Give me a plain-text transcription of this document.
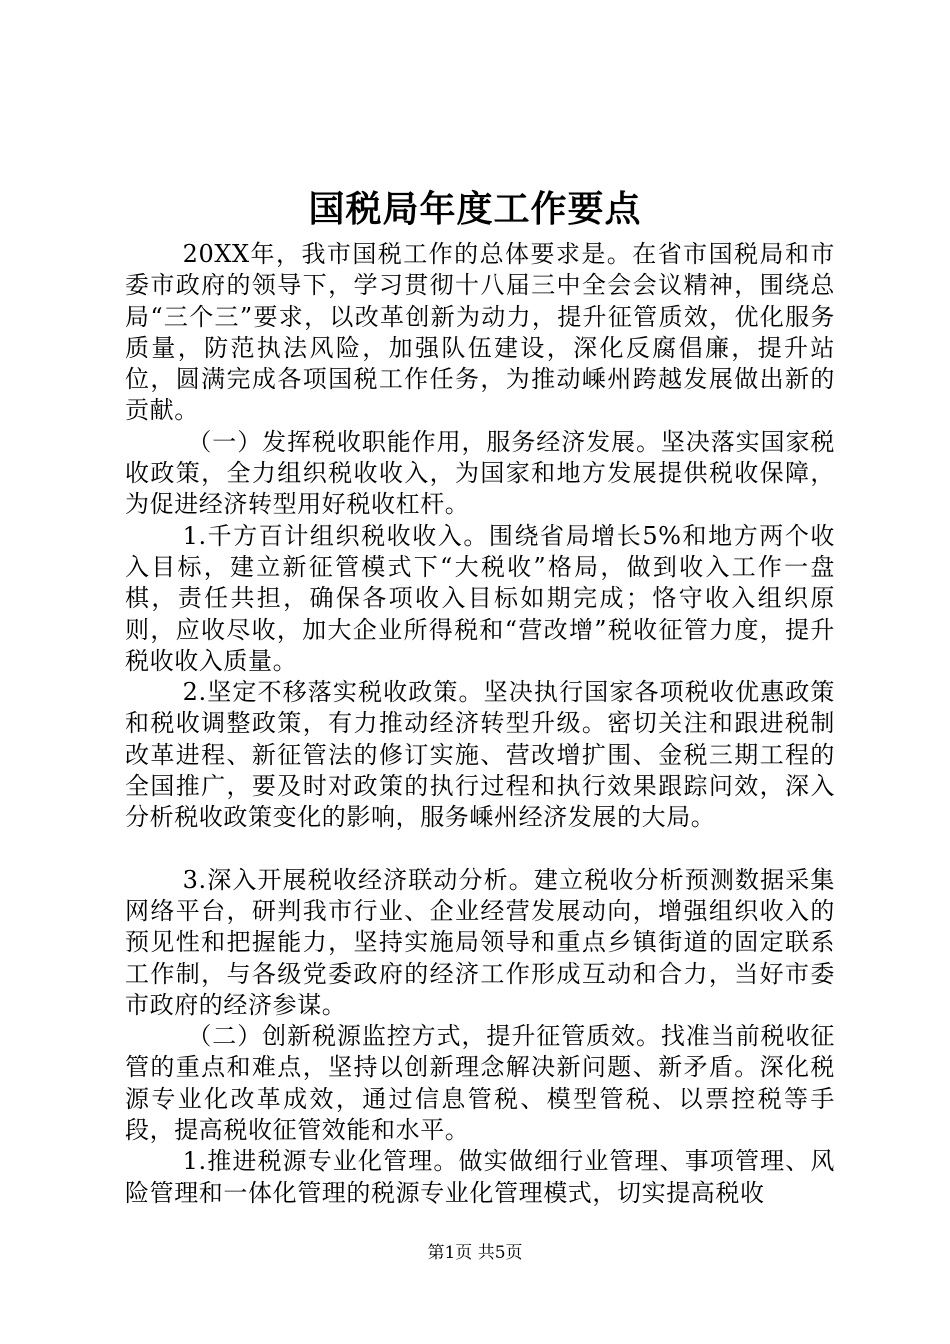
国税局年度工作要点

20XX年，我市国税工作的总体要求是。在省市国税局和市委市政府的领导下，学习贯彻十八届三中全会会议精神，围绕总局“三个三”要求，以改革创新为动力，提升征管质效，优化服务质量，防范执法风险，加强队伍建设，深化反腐倡廉，提升站位，圆满完成各项国税工作任务，为推动嵊州跨越发展做出新的贡献。

（一）发挥税收职能作用，服务经济发展。坚决落实国家税收政策，全力组织税收收入，为国家和地方发展提供税收保障，为促进经济转型用好税收杠杆。

1.千方百计组织税收收入。围绕省局增长5%和地方两个收入目标，建立新征管模式下“大税收”格局，做到收入工作一盘棋，责任共担，确保各项收入目标如期完成；恪守收入组织原则，应收尽收，加大企业所得税和“营改增”税收征管力度，提升税收收入质量。

2.坚定不移落实税收政策。坚决执行国家各项税收优惠政策和税收调整政策，有力推动经济转型升级。密切关注和跟进税制改革进程、新征管法的修订实施、营改增扩围、金税三期工程的全国推广，要及时对政策的执行过程和执行效果跟踪问效，深入分析税收政策变化的影响，服务嵊州经济发展的大局。

3.深入开展税收经济联动分析。建立税收分析预测数据采集网络平台，研判我市行业、企业经营发展动向，增强组织收入的预见性和把握能力，坚持实施局领导和重点乡镇街道的固定联系工作制，与各级党委政府的经济工作形成互动和合力，当好市委市政府的经济参谋。

（二）创新税源监控方式，提升征管质效。找准当前税收征管的重点和难点，坚持以创新理念解决新问题、新矛盾。深化税源专业化改革成效，通过信息管税、模型管税、以票控税等手段，提高税收征管效能和水平。

1.推进税源专业化管理。做实做细行业管理、事项管理、风险管理和一体化管理的税源专业化管理模式，切实提高税收

第1页 共5页
